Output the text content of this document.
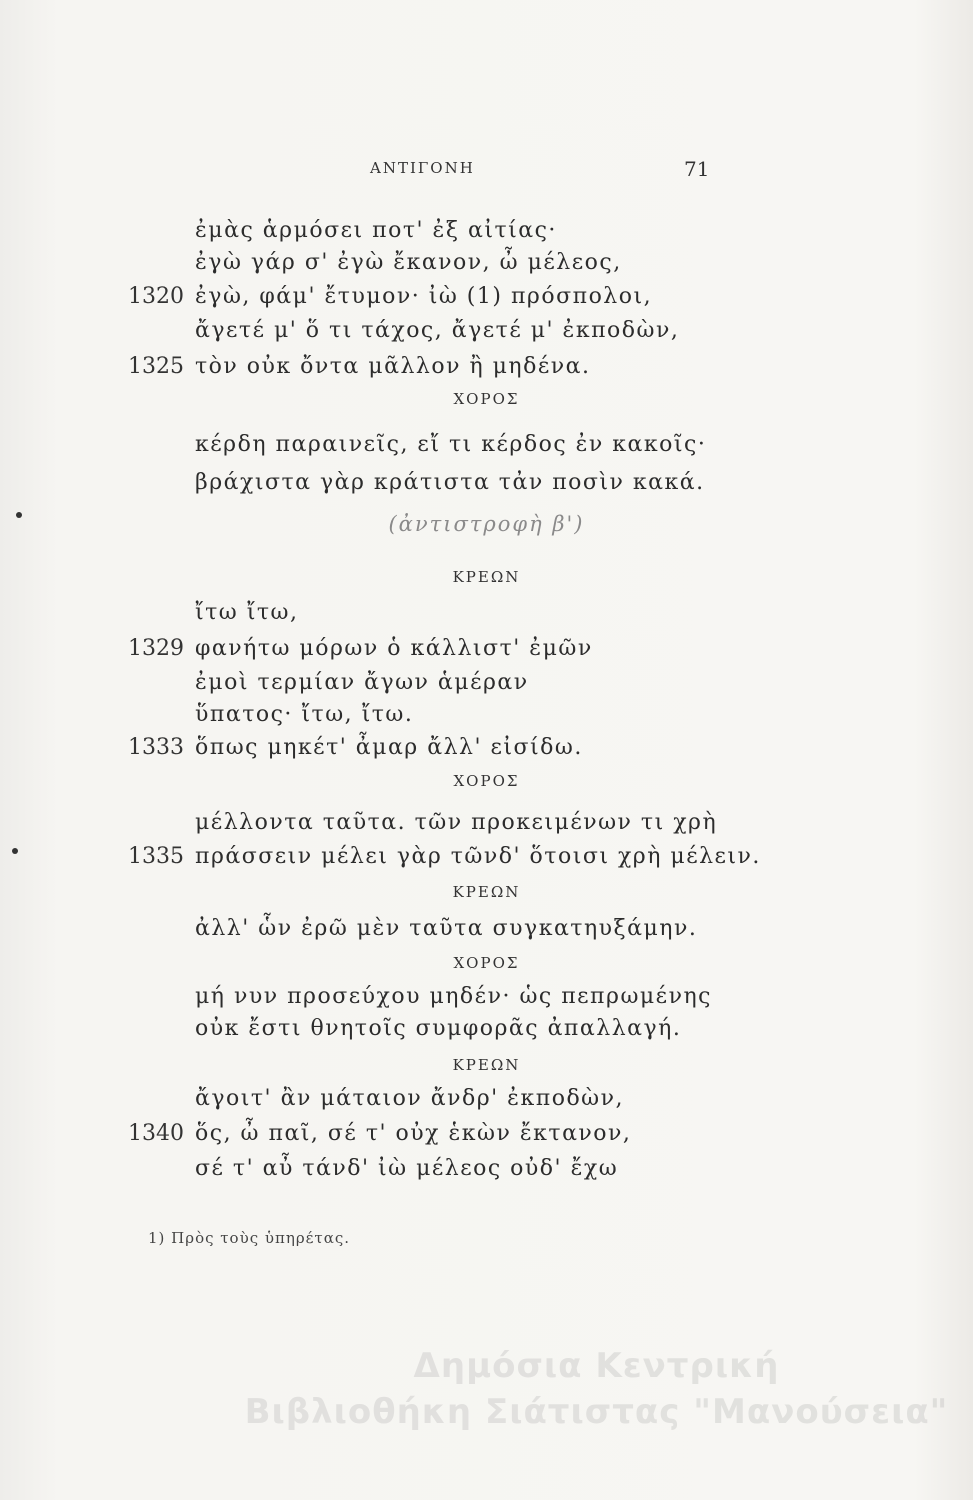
ΑΝΤΙΓΟΝΗ	71
ἐμὰς ἁρμόσει ποτ' ἐξ αἰτίας·
ἐγὼ γάρ σ' ἐγὼ ἔκανον, ὦ μέλεος,
1320 ἐγὼ, φάμ' ἔτυμον· ἰὼ (1) πρόσπολοι,
ἄγετέ μ' ὅ τι τάχος, ἄγετέ μ' ἐκποδὼν,
1325 τὸν οὐκ ὄντα μᾶλλον ἢ μηδένα.
ΧΟΡΟΣ
κέρδη παραινεῖς, εἴ τι κέρδος ἐν κακοῖς·
βράχιστα γὰρ κράτιστα τἀν ποσὶν κακά.
(ἀντιστροφὴ β')
ΚΡΕΩΝ
ἴτω ἴτω,
1329 φανήτω μόρων ὁ κάλλιστ' ἐμῶν
ἐμοὶ τερμίαν ἄγων ἁμέραν
ὕπατος· ἴτω, ἴτω.
1333 ὅπως μηκέτ' ἆμαρ ἄλλ' εἰσίδω.
ΧΟΡΟΣ
μέλλοντα ταῦτα. τῶν προκειμένων τι χρὴ
1335 πράσσειν μέλει γὰρ τῶνδ' ὅτοισι χρὴ μέλειν.
ΚΡΕΩΝ
ἀλλ' ὧν ἐρῶ μὲν ταῦτα συγκατηυξάμην.
ΧΟΡΟΣ
μή νυν προσεύχου μηδέν· ὡς πεπρωμένης
οὐκ ἔστι θνητοῖς συμφορᾶς ἀπαλλαγή.
ΚΡΕΩΝ
ἄγοιτ' ἂν μάταιον ἄνδρ' ἐκποδὼν,
1340 ὅς, ὦ παῖ, σέ τ' οὐχ ἑκὼν ἔκτανον,
σέ τ' αὖ τάνδ' ἰὼ μέλεος οὐδ' ἔχω
1) Πρὸς τοὺς ὑπηρέτας.
Δημόσια Κεντρική
Βιβλιοθήκη Σιάτιστας "Μανούσεια"
